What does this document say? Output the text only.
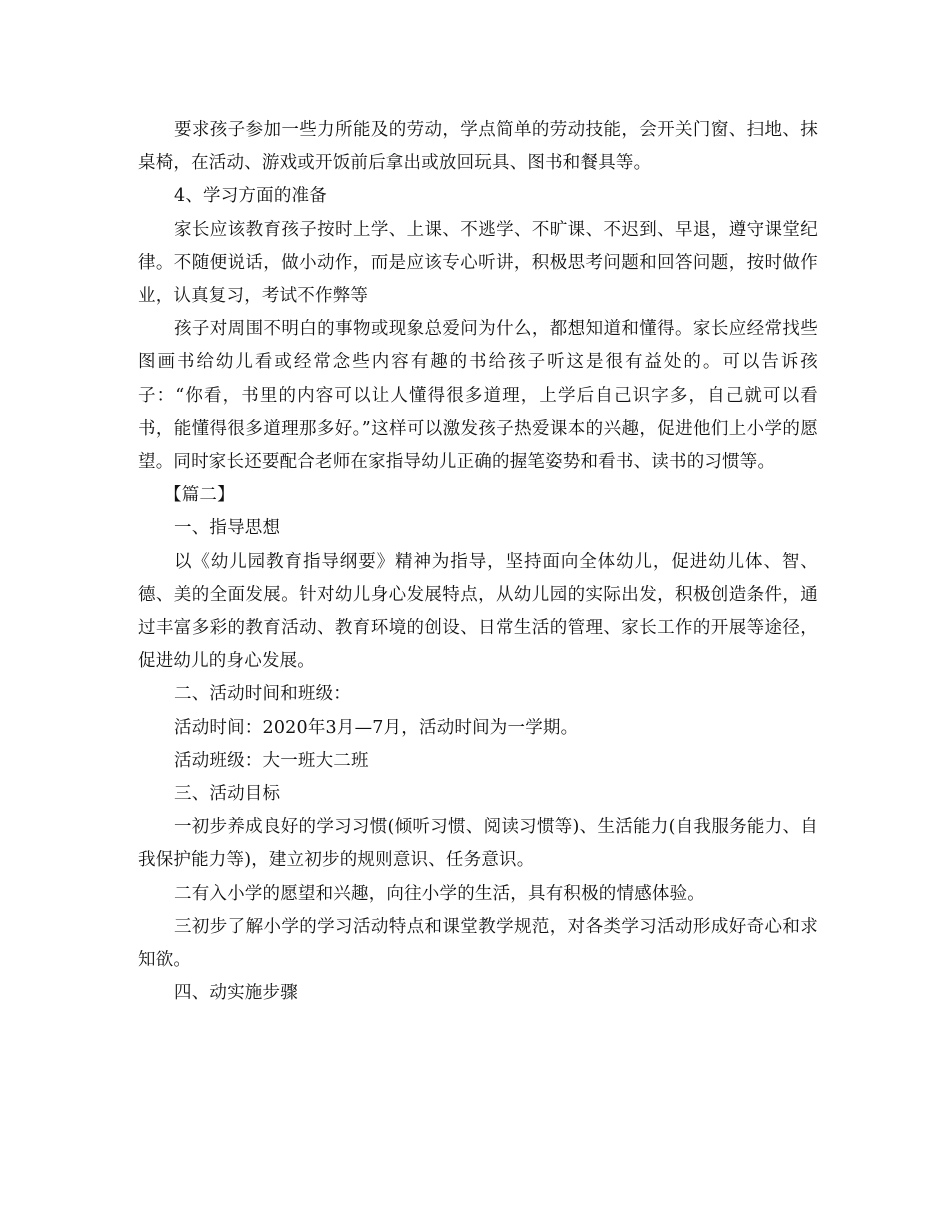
要求孩子参加一些力所能及的劳动，学点简单的劳动技能，会开关门窗、扫地、抹桌椅，在活动、游戏或开饭前后拿出或放回玩具、图书和餐具等。

4、学习方面的准备

家长应该教育孩子按时上学、上课、不逃学、不旷课、不迟到、早退，遵守课堂纪律。不随便说话，做小动作，而是应该专心听讲，积极思考问题和回答问题，按时做作业，认真复习，考试不作弊等

孩子对周围不明白的事物或现象总爱问为什么，都想知道和懂得。家长应经常找些图画书给幼儿看或经常念些内容有趣的书给孩子听这是很有益处的。可以告诉孩子：“你看，书里的内容可以让人懂得很多道理，上学后自己识字多，自己就可以看书，能懂得很多道理那多好。”这样可以激发孩子热爱课本的兴趣，促进他们上小学的愿望。同时家长还要配合老师在家指导幼儿正确的握笔姿势和看书、读书的习惯等。

【篇二】

一、指导思想

以《幼儿园教育指导纲要》精神为指导，坚持面向全体幼儿，促进幼儿体、智、德、美的全面发展。针对幼儿身心发展特点，从幼儿园的实际出发，积极创造条件，通过丰富多彩的教育活动、教育环境的创设、日常生活的管理、家长工作的开展等途径，促进幼儿的身心发展。

二、活动时间和班级：

活动时间：2020年3月—7月，活动时间为一学期。

活动班级：大一班大二班

三、活动目标

一初步养成良好的学习习惯(倾听习惯、阅读习惯等)、生活能力(自我服务能力、自我保护能力等)，建立初步的规则意识、任务意识。

二有入小学的愿望和兴趣，向往小学的生活，具有积极的情感体验。

三初步了解小学的学习活动特点和课堂教学规范，对各类学习活动形成好奇心和求知欲。

四、动实施步骤
